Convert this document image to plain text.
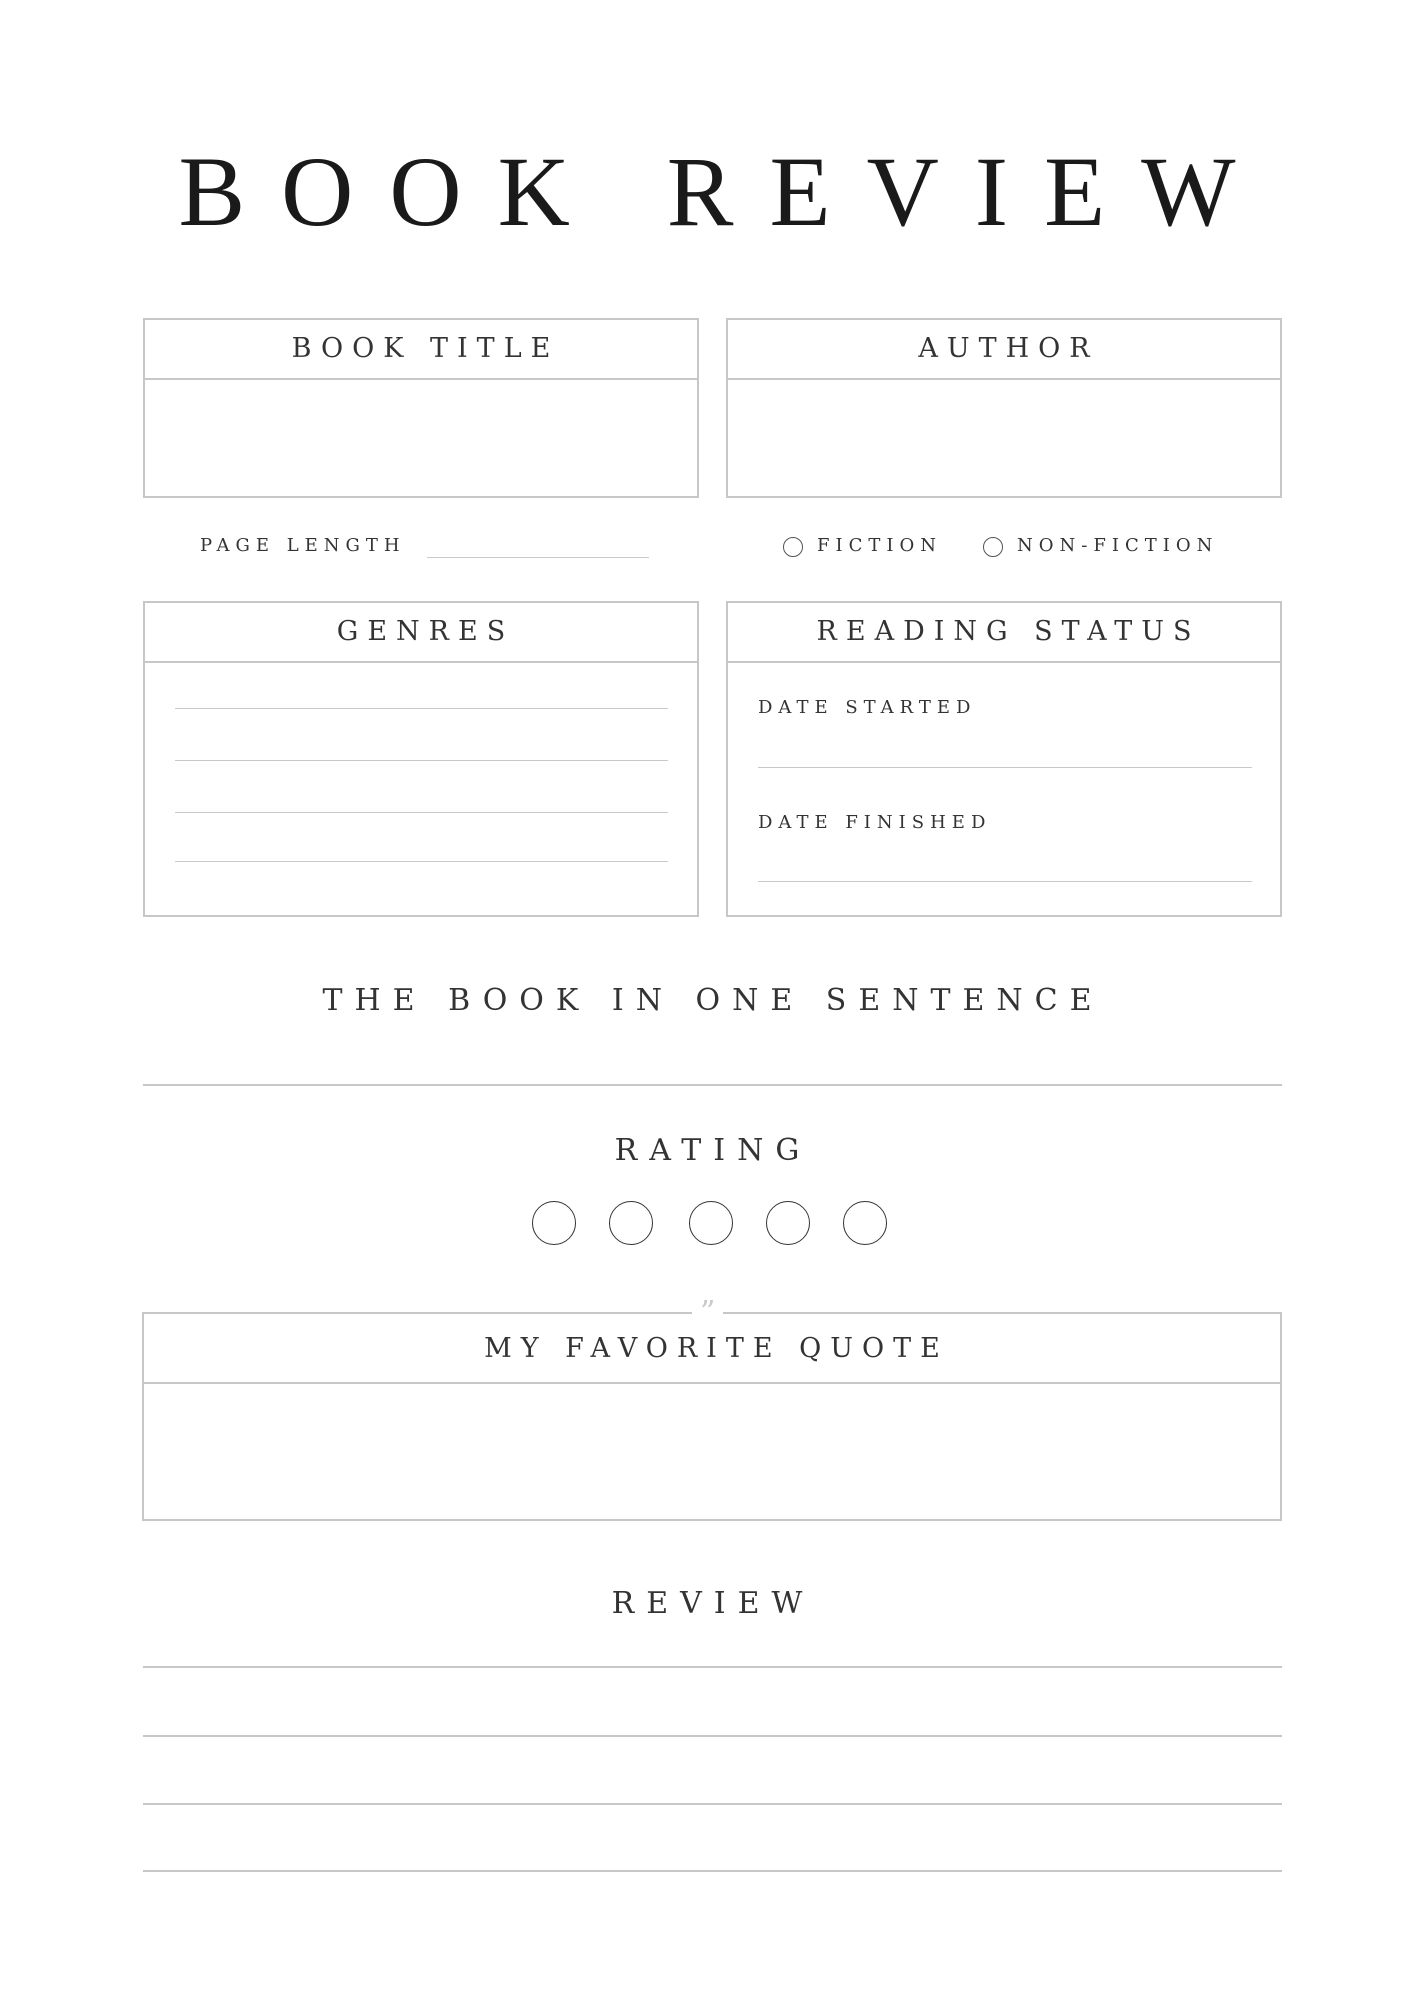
BOOK REVIEW
BOOK TITLE	AUTHOR
PAGE LENGTH	FICTION	NON-FICTION
GENRES	READING STATUS
DATE STARTED
DATE FINISHED
THE BOOK IN ONE SENTENCE
RATING
MY FAVORITE QUOTE
”
REVIEW
